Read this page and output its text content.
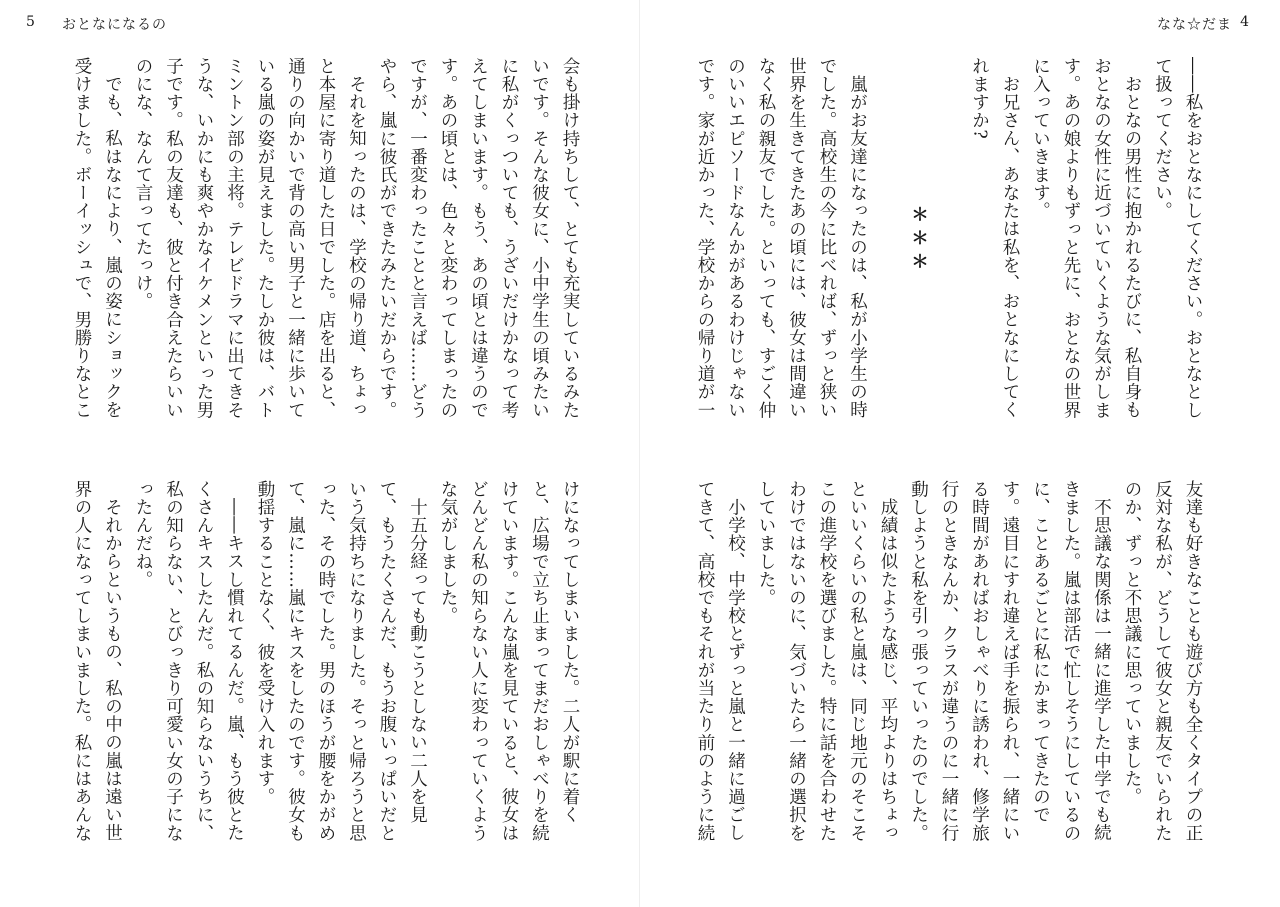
5 おとなになるの

会も掛け持ちして、とても充実しているみたいです。そんな彼女に、小中学生の頃みたいに私がくっついても、うざいだけかなって考えてしまいます。もう、あの頃とは違うのです。あの頃とは、色々と変わってしまったのですが、一番変わったことと言えば……どうやら、嵐に彼氏ができたみたいだからです。

それを知ったのは、学校の帰り道、ちょっと本屋に寄り道した日でした。店を出ると、通りの向かいで背の高い男子と一緒に歩いている嵐の姿が見えました。たしか彼は、バトミントン部の主将。テレビドラマに出てきそうな、いかにも爽やかなイケメンといった男子です。私の友達も、彼と付き合えたらいいのにな、なんて言ってたっけ。

でも、私はなにより、嵐の姿にショックを受けました。ボーイッシュで、男勝りなとこ

けになってしまいました。二人が駅に着くと、広場で立ち止まってまだおしゃべりを続けています。こんな嵐を見ていると、彼女はどんどん私の知らない人に変わっていくような気がしました。

十五分経っても動こうとしない二人を見て、もうたくさんだ、もうお腹いっぱいだという気持ちになりました。そっと帰ろうと思った、その時でした。男のほうが腰をかがめて、嵐に……嵐にキスをしたのです。彼女も動揺することなく、彼を受け入れます。

――キスし慣れてるんだ。嵐、もう彼とたくさんキスしたんだ。私の知らないうちに、私の知らない、とびっきり可愛い女の子になったんだね。

それからというもの、私の中の嵐は遠い世界の人になってしまいました。私にはあんな

なな☆だま 4

――私をおとなにしてください。おとなとして扱ってください。

おとなの男性に抱かれるたびに、私自身もおとなの女性に近づいていくような気がします。あの娘よりもずっと先に、おとなの世界に入っていきます。

お兄さん、あなたは私を、おとなにしてくれますか?

＊＊＊

嵐がお友達になったのは、私が小学生の時でした。高校生の今に比べれば、ずっと狭い世界を生きてきたあの頃には、彼女は間違いなく私の親友でした。といっても、すごく仲のいいエピソードなんかがあるわけじゃないです。家が近かった、学校からの帰り道が一

友達も好きなことも遊び方も全くタイプの正反対な私が、どうして彼女と親友でいられたのか、ずっと不思議に思っていました。

不思議な関係は一緒に進学した中学でも続きました。嵐は部活で忙しそうにしているのに、ことあるごとに私にかまってきたのです。遠目にすれ違えば手を振られ、一緒にいる時間があればおしゃべりに誘われ、修学旅行のときなんか、クラスが違うのに一緒に行動しようと私を引っ張っていったのでした。

成績は似たような感じ、平均よりはちょっといいくらいの私と嵐は、同じ地元のそこそこの進学校を選びました。特に話を合わせたわけではないのに、気づいたら一緒の選択をしていました。

小学校、中学校とずっと嵐と一緒に過ごしてきて、高校でもそれが当たり前のように続
